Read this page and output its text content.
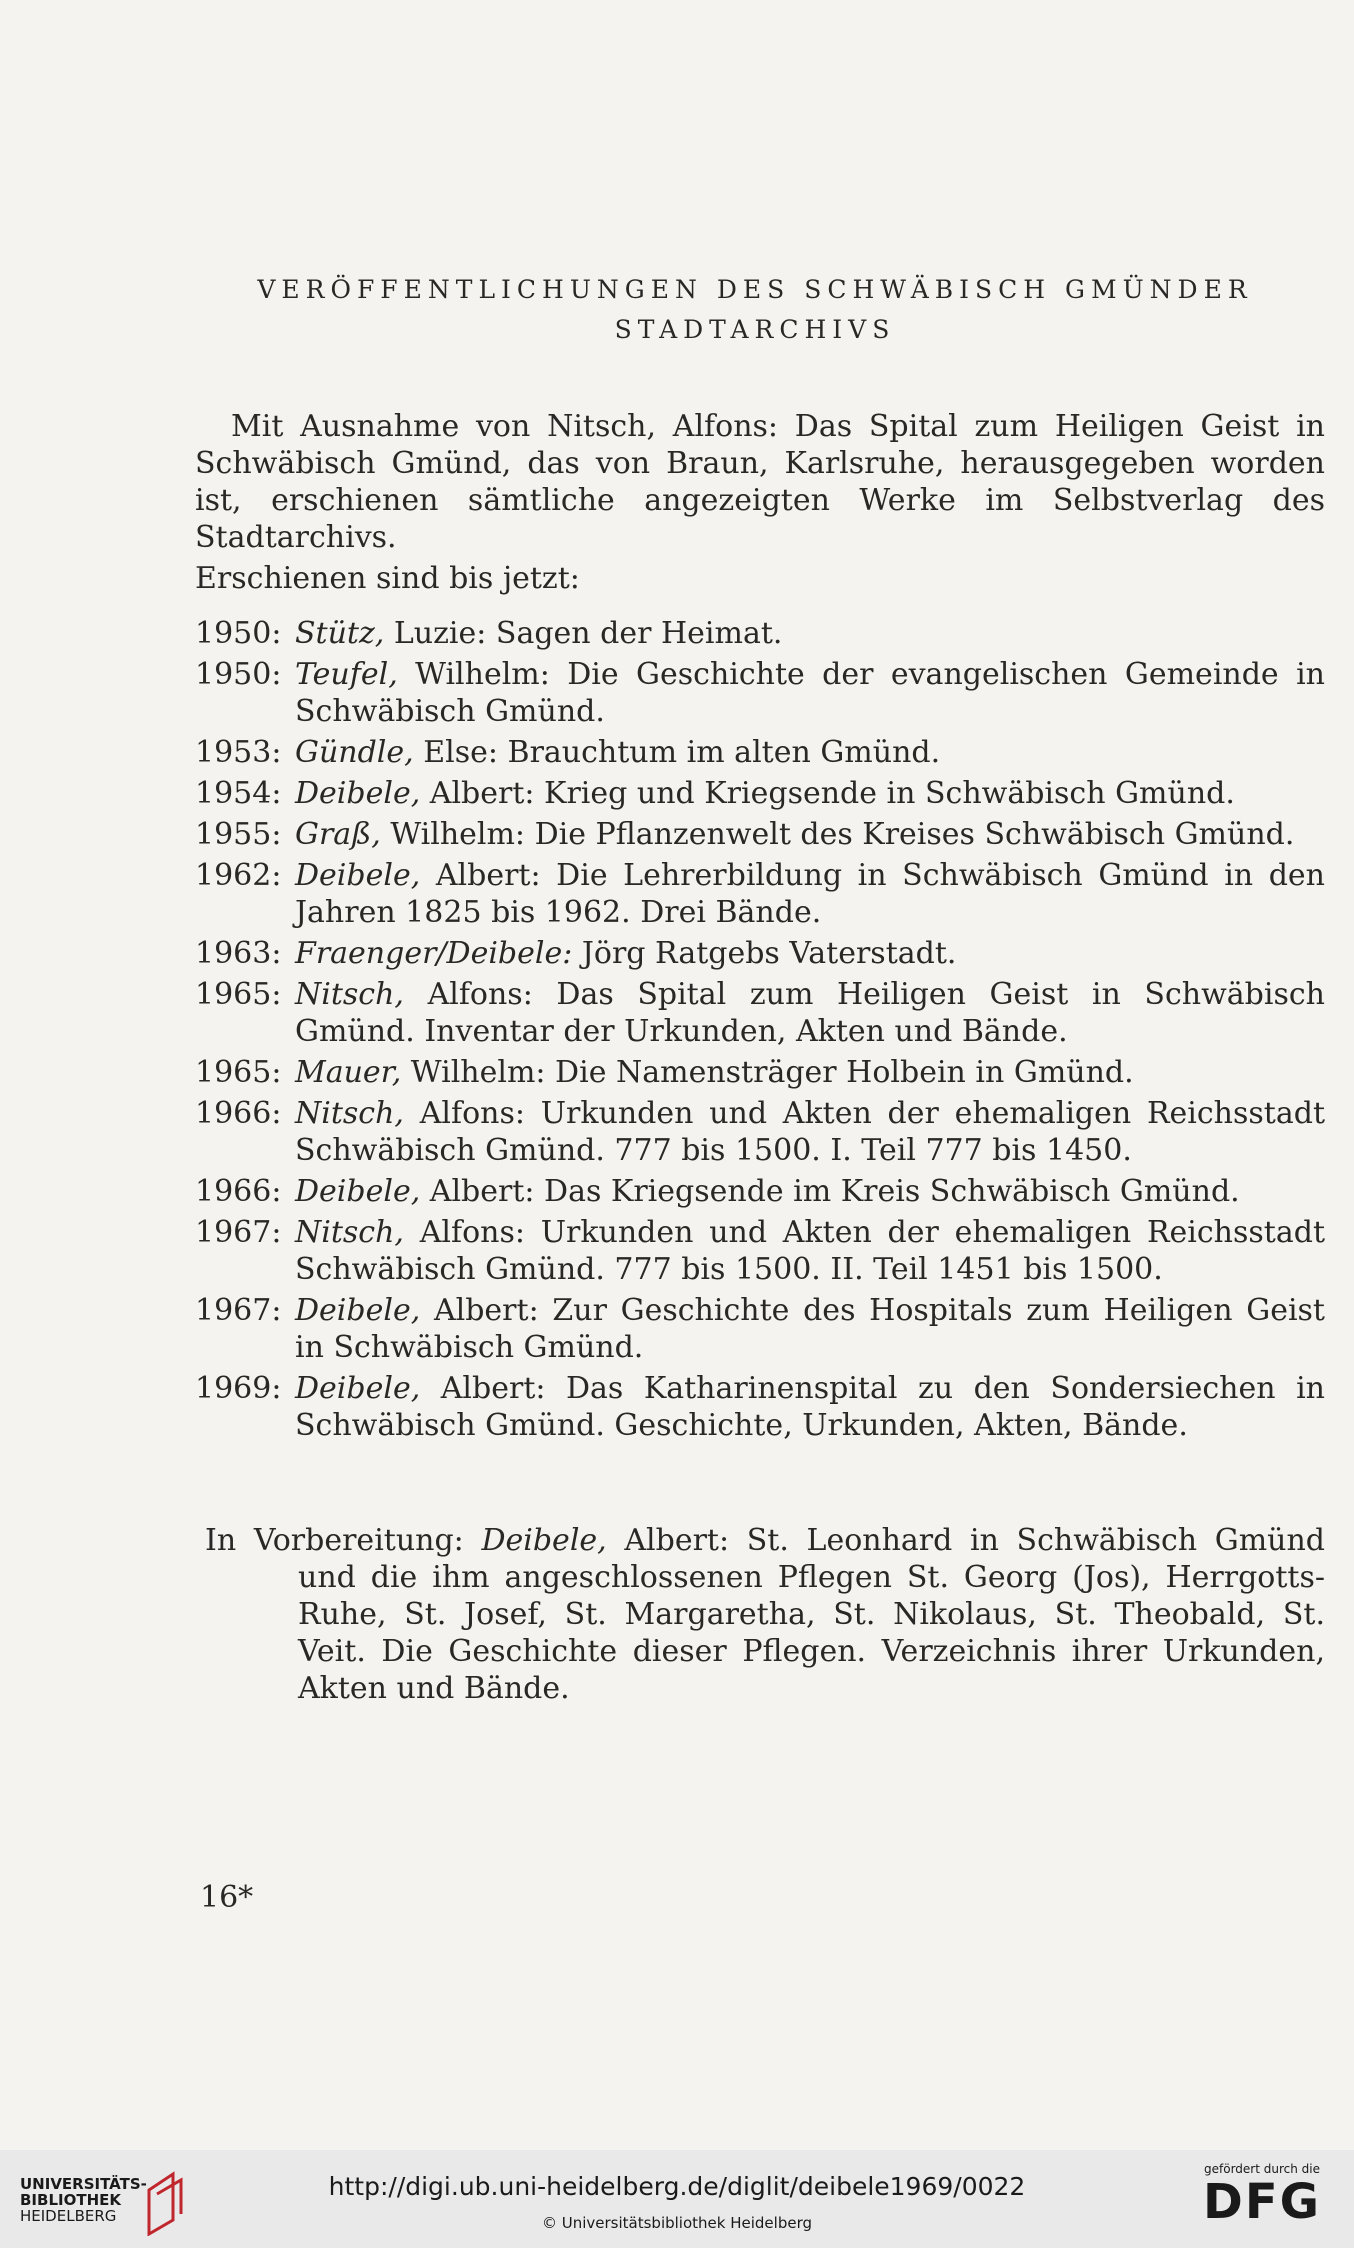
VERÖFFENTLICHUNGEN DES SCHWÄBISCH GMÜNDER
STADTARCHIVS
Mit Ausnahme von Nitsch, Alfons: Das Spital zum Heiligen Geist in Schwäbisch Gmünd, das von Braun, Karlsruhe, herausgegeben worden ist, erschienen sämtliche angezeigten Werke im Selbstverlag des Stadtarchivs.
Erschienen sind bis jetzt:
1950: Stütz, Luzie: Sagen der Heimat.
1950: Teufel, Wilhelm: Die Geschichte der evangelischen Gemeinde in Schwäbisch Gmünd.
1953: Gündle, Else: Brauchtum im alten Gmünd.
1954: Deibele, Albert: Krieg und Kriegsende in Schwäbisch Gmünd.
1955: Graß, Wilhelm: Die Pflanzenwelt des Kreises Schwäbisch Gmünd.
1962: Deibele, Albert: Die Lehrerbildung in Schwäbisch Gmünd in den Jahren 1825 bis 1962. Drei Bände.
1963: Fraenger/Deibele: Jörg Ratgebs Vaterstadt.
1965: Nitsch, Alfons: Das Spital zum Heiligen Geist in Schwäbisch Gmünd. Inventar der Urkunden, Akten und Bände.
1965: Mauer, Wilhelm: Die Namensträger Holbein in Gmünd.
1966: Nitsch, Alfons: Urkunden und Akten der ehemaligen Reichsstadt Schwäbisch Gmünd. 777 bis 1500. I. Teil 777 bis 1450.
1966: Deibele, Albert: Das Kriegsende im Kreis Schwäbisch Gmünd.
1967: Nitsch, Alfons: Urkunden und Akten der ehemaligen Reichsstadt Schwäbisch Gmünd. 777 bis 1500. II. Teil 1451 bis 1500.
1967: Deibele, Albert: Zur Geschichte des Hospitals zum Heiligen Geist in Schwäbisch Gmünd.
1969: Deibele, Albert: Das Katharinenspital zu den Sondersiechen in Schwäbisch Gmünd. Geschichte, Urkunden, Akten, Bände.
In Vorbereitung: Deibele, Albert: St. Leonhard in Schwäbisch Gmünd und die ihm angeschlossenen Pflegen St. Georg (Jos), Herrgotts-Ruhe, St. Josef, St. Margaretha, St. Nikolaus, St. Theobald, St. Veit. Die Geschichte dieser Pflegen. Verzeichnis ihrer Urkunden, Akten und Bände.
16*
UNIVERSITÄTS-
BIBLIOTHEK
HEIDELBERG
http://digi.ub.uni-heidelberg.de/diglit/deibele1969/0022
© Universitätsbibliothek Heidelberg
gefördert durch die
DFG
